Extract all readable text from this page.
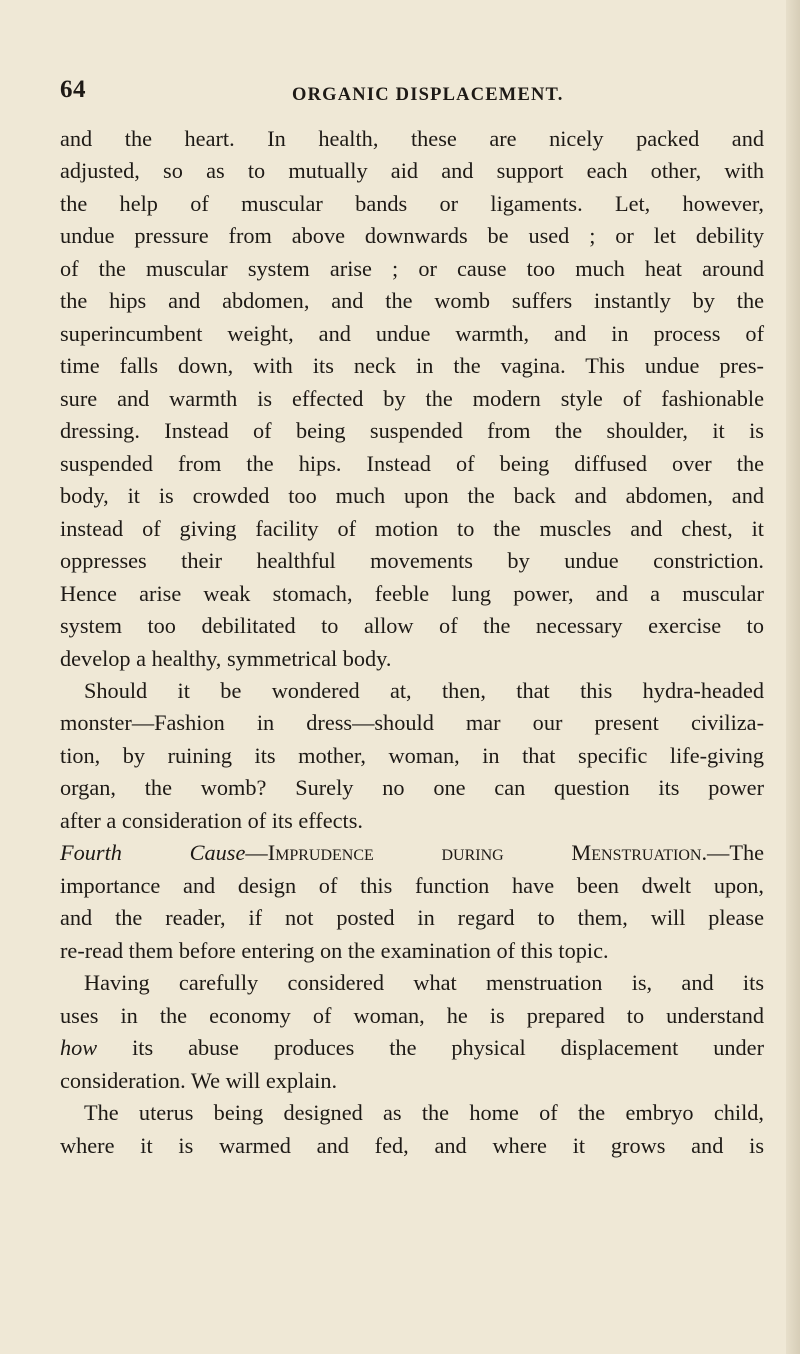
64	ORGANIC DISPLACEMENT.
and the heart. In health, these are nicely packed and
adjusted, so as to mutually aid and support each other, with
the help of muscular bands or ligaments. Let, however,
undue pressure from above downwards be used ; or let debility
of the muscular system arise ; or cause too much heat around
the hips and abdomen, and the womb suffers instantly by the
superincumbent weight, and undue warmth, and in process of
time falls down, with its neck in the vagina. This undue pres-
sure and warmth is effected by the modern style of fashionable
dressing. Instead of being suspended from the shoulder, it is
suspended from the hips. Instead of being diffused over the
body, it is crowded too much upon the back and abdomen, and
instead of giving facility of motion to the muscles and chest, it
oppresses their healthful movements by undue constriction.
Hence arise weak stomach, feeble lung power, and a muscular
system too debilitated to allow of the necessary exercise to
develop a healthy, symmetrical body.
Should it be wondered at, then, that this hydra-headed
monster—Fashion in dress—should mar our present civiliza-
tion, by ruining its mother, woman, in that specific life-giving
organ, the womb? Surely no one can question its power
after a consideration of its effects.
Fourth Cause—Imprudence during Menstruation.—The
importance and design of this function have been dwelt upon,
and the reader, if not posted in regard to them, will please
re-read them before entering on the examination of this topic.
Having carefully considered what menstruation is, and its
uses in the economy of woman, he is prepared to understand
how its abuse produces the physical displacement under
consideration. We will explain.
The uterus being designed as the home of the embryo child,
where it is warmed and fed, and where it grows and is
